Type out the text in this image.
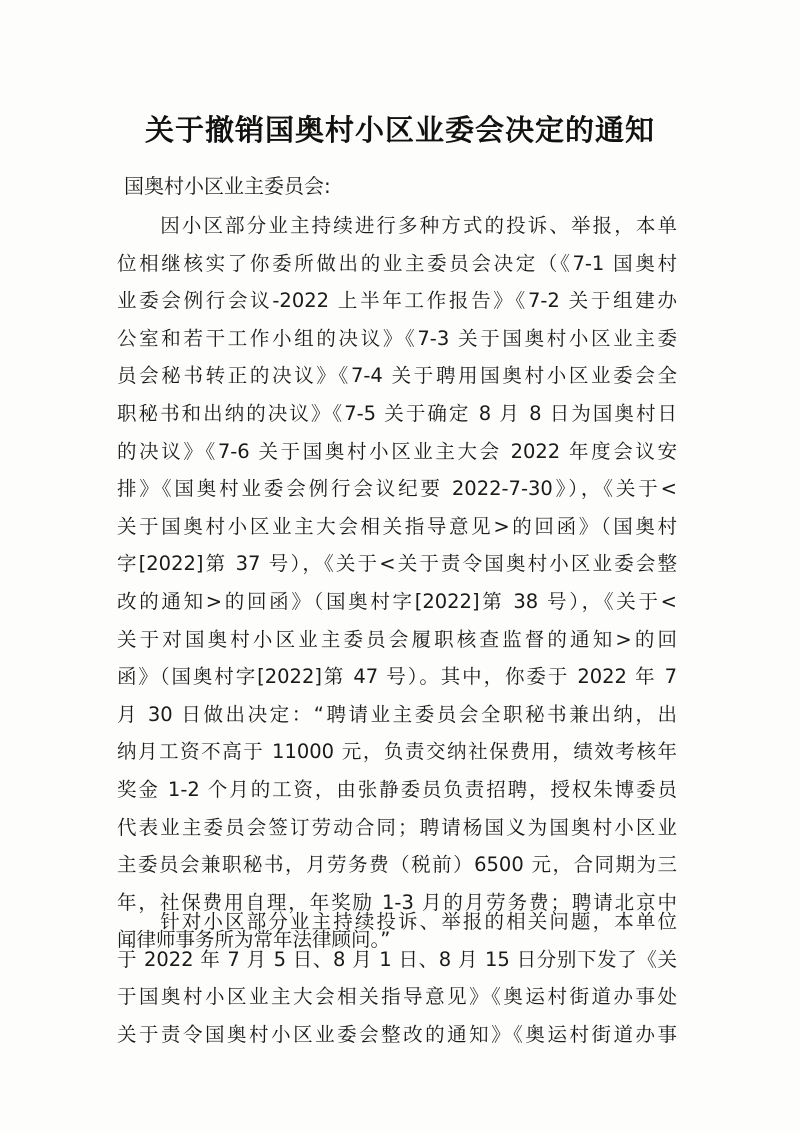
关于撤销国奥村小区业委会决定的通知
国奥村小区业主委员会:
　　因小区部分业主持续进行多种方式的投诉、举报，本单
位相继核实了你委所做出的业主委员会决定（《7-1 国奥村
业委会例行会议-2022 上半年工作报告》《7-2 关于组建办
公室和若干工作小组的决议》《7-3 关于国奥村小区业主委
员会秘书转正的决议》《7-4 关于聘用国奥村小区业委会全
职秘书和出纳的决议》《7-5 关于确定 8 月 8 日为国奥村日
的决议》《7-6 关于国奥村小区业主大会 2022 年度会议安
排》《国奥村业委会例行会议纪要 2022-7-30》），《关于<
关于国奥村小区业主大会相关指导意见>的回函》（国奥村
字[2022]第 37 号），《关于<关于责令国奥村小区业委会整
改的通知>的回函》（国奥村字[2022]第 38 号），《关于<
关于对国奥村小区业主委员会履职核查监督的通知>的回
函》（国奥村字[2022]第 47 号）。其中，你委于 2022 年 7
月 30 日做出决定：“聘请业主委员会全职秘书兼出纳，出
纳月工资不高于 11000 元，负责交纳社保费用，绩效考核年
奖金 1-2 个月的工资，由张静委员负责招聘，授权朱博委员
代表业主委员会签订劳动合同；聘请杨国义为国奥村小区业
主委员会兼职秘书，月劳务费（税前）6500 元，合同期为三
年，社保费用自理，年奖励 1-3 月的月劳务费；聘请北京中
闻律师事务所为常年法律顾问。”
　　针对小区部分业主持续投诉、举报的相关问题，本单位
于 2022 年 7 月 5 日、8 月 1 日、8 月 15 日分别下发了《关
于国奥村小区业主大会相关指导意见》《奥运村街道办事处
关于责令国奥村小区业委会整改的通知》《奥运村街道办事
